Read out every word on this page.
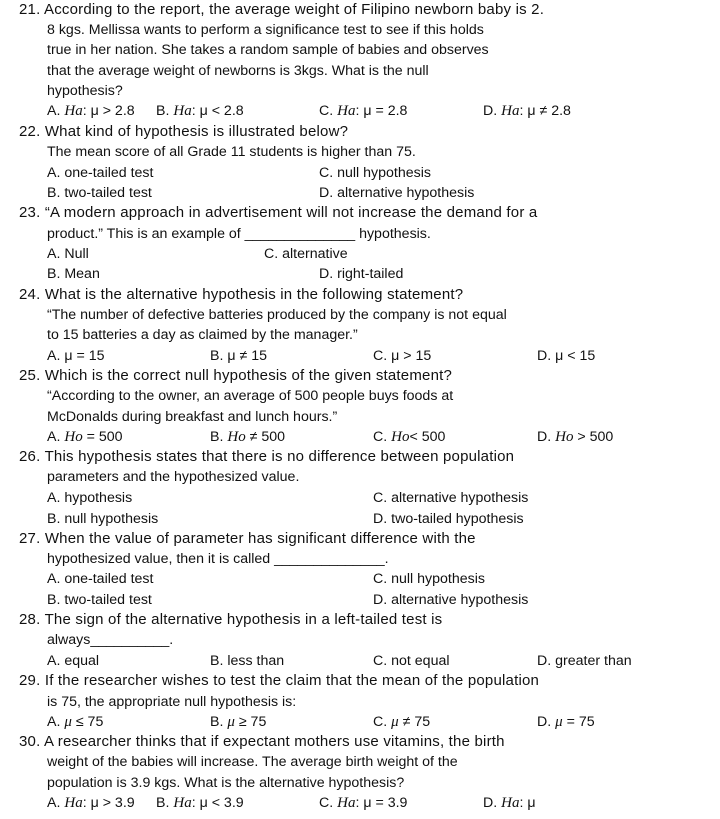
21. According to the report, the average weight of Filipino newborn baby is 2.
8 kgs. Mellissa wants to perform a significance test to see if this holds
true in her nation. She takes a random sample of babies and observes
that the average weight of newborns is 3kgs. What is the null
hypothesis?
A. Ha: μ > 2.8 B. Ha: μ < 2.8	C. Ha: μ = 2.8	D. Ha: μ ≠ 2.8
22. What kind of hypothesis is illustrated below?
The mean score of all Grade 11 students is higher than 75.
A. one-tailed test	C. null hypothesis
B. two-tailed test	D. alternative hypothesis
23. “A modern approach in advertisement will not increase the demand for a
product.” This is an example of ______________ hypothesis.
A. Null	C. alternative
B. Mean	D. right-tailed
24. What is the alternative hypothesis in the following statement?
“The number of defective batteries produced by the company is not equal
to 15 batteries a day as claimed by the manager.”
A. μ = 15	B. μ ≠ 15	C. μ > 15	D. μ < 15
25. Which is the correct null hypothesis of the given statement?
“According to the owner, an average of 500 people buys foods at
McDonalds during breakfast and lunch hours.”
A. Ho = 500	B. Ho ≠ 500	C. Ho< 500	D. Ho > 500
26. This hypothesis states that there is no difference between population
parameters and the hypothesized value.
A. hypothesis	C. alternative hypothesis
B. null hypothesis	D. two-tailed hypothesis
27. When the value of parameter has significant difference with the
hypothesized value, then it is called ______________.
A. one-tailed test	C. null hypothesis
B. two-tailed test	D. alternative hypothesis
28. The sign of the alternative hypothesis in a left-tailed test is
always__________.
A. equal	B. less than	C. not equal	D. greater than
29. If the researcher wishes to test the claim that the mean of the population
is 75, the appropriate null hypothesis is:
A. μ ≤ 75	B. μ ≥ 75	C. μ ≠ 75	D. μ = 75
30. A researcher thinks that if expectant mothers use vitamins, the birth
weight of the babies will increase. The average birth weight of the
population is 3.9 kgs. What is the alternative hypothesis?
A. Ha: μ > 3.9 B. Ha: μ < 3.9	C. Ha: μ = 3.9	D. Ha: μ
